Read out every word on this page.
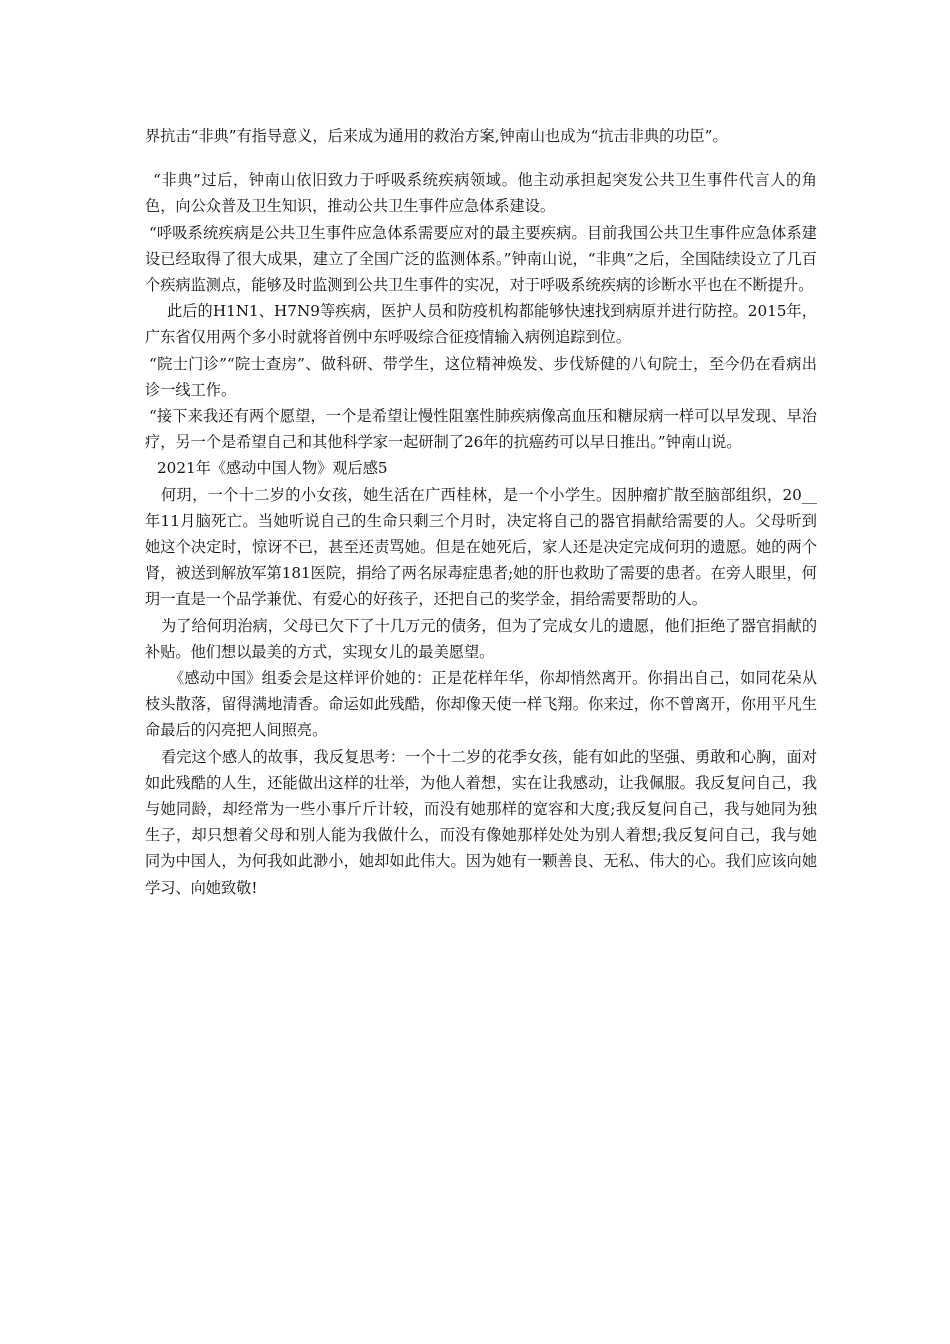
界抗击“非典”有指导意义，后来成为通用的救治方案,钟南山也成为“抗击非典的功臣”。

“非典”过后，钟南山依旧致力于呼吸系统疾病领域。他主动承担起突发公共卫生事件代言人的角色，向公众普及卫生知识，推动公共卫生事件应急体系建设。

“呼吸系统疾病是公共卫生事件应急体系需要应对的最主要疾病。目前我国公共卫生事件应急体系建设已经取得了很大成果，建立了全国广泛的监测体系。”钟南山说，“非典”之后，全国陆续设立了几百个疾病监测点，能够及时监测到公共卫生事件的实况，对于呼吸系统疾病的诊断水平也在不断提升。

此后的H1N1、H7N9等疾病，医护人员和防疫机构都能够快速找到病原并进行防控。2015年，广东省仅用两个多小时就将首例中东呼吸综合征疫情输入病例追踪到位。

“院士门诊”“院士查房”、做科研、带学生，这位精神焕发、步伐矫健的八旬院士，至今仍在看病出诊一线工作。

“接下来我还有两个愿望，一个是希望让慢性阻塞性肺疾病像高血压和糖尿病一样可以早发现、早治疗，另一个是希望自己和其他科学家一起研制了26年的抗癌药可以早日推出。”钟南山说。

2021年《感动中国人物》观后感5

何玥，一个十二岁的小女孩，她生活在广西桂林，是一个小学生。因肿瘤扩散至脑部组织，20__年11月脑死亡。当她听说自己的生命只剩三个月时，决定将自己的器官捐献给需要的人。父母听到她这个决定时，惊讶不已，甚至还责骂她。但是在她死后，家人还是决定完成何玥的遗愿。她的两个肾，被送到解放军第181医院，捐给了两名尿毒症患者;她的肝也救助了需要的患者。在旁人眼里，何玥一直是一个品学兼优、有爱心的好孩子，还把自己的奖学金，捐给需要帮助的人。

为了给何玥治病，父母已欠下了十几万元的债务，但为了完成女儿的遗愿，他们拒绝了器官捐献的补贴。他们想以最美的方式，实现女儿的最美愿望。

《感动中国》组委会是这样评价她的：正是花样年华，你却悄然离开。你捐出自己，如同花朵从枝头散落，留得满地清香。命运如此残酷，你却像天使一样飞翔。你来过，你不曾离开，你用平凡生命最后的闪亮把人间照亮。

看完这个感人的故事，我反复思考：一个十二岁的花季女孩，能有如此的坚强、勇敢和心胸，面对如此残酷的人生，还能做出这样的壮举，为他人着想，实在让我感动，让我佩服。我反复问自己，我与她同龄，却经常为一些小事斤斤计较，而没有她那样的宽容和大度;我反复问自己，我与她同为独生子，却只想着父母和别人能为我做什么，而没有像她那样处处为别人着想;我反复问自己，我与她同为中国人，为何我如此渺小，她却如此伟大。因为她有一颗善良、无私、伟大的心。我们应该向她学习、向她致敬!
